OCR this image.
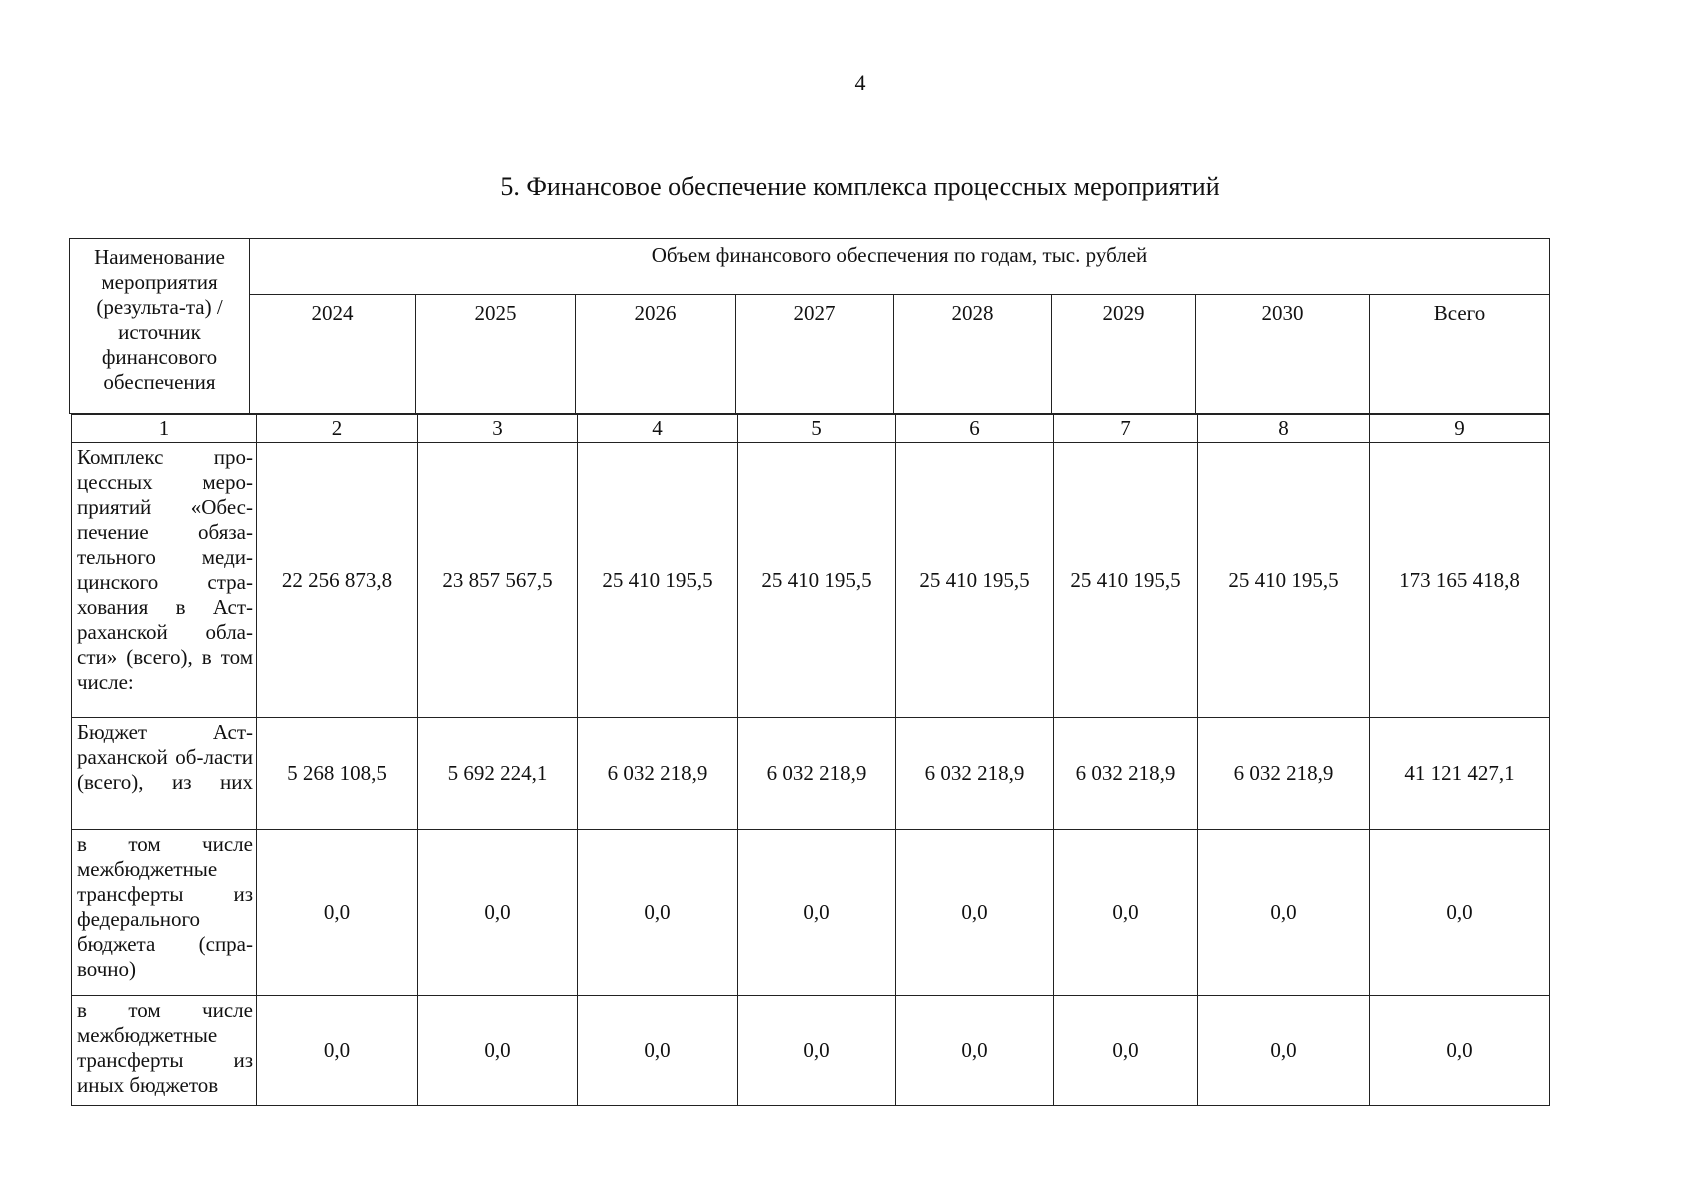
4
5. Финансовое обеспечение комплекса процессных мероприятий
Наименование мероприятия (результа-та) / источник финансового обеспечения	Объем финансового обеспечения по годам, тыс. рублей							
	2024	2025	2026	2027	2028	2029	2030	Всего
1	2	3	4	5	6	7	8	9
Комплекс про-цессных меро-приятий «Обес-печение обяза-тельного меди-цинского стра-хования в Аст-раханской обла-сти» (всего), в том числе:	22 256 873,8	23 857 567,5	25 410 195,5	25 410 195,5	25 410 195,5	25 410 195,5	25 410 195,5	173 165 418,8
Бюджет Аст-раханской об-ласти (всего), из них	5 268 108,5	5 692 224,1	6 032 218,9	6 032 218,9	6 032 218,9	6 032 218,9	6 032 218,9	41 121 427,1
в том числе межбюджетные трансферты из федерального бюджета (спра-вочно)	0,0	0,0	0,0	0,0	0,0	0,0	0,0	0,0
в том числе межбюджетные трансферты из иных бюджетов	0,0	0,0	0,0	0,0	0,0	0,0	0,0	0,0
